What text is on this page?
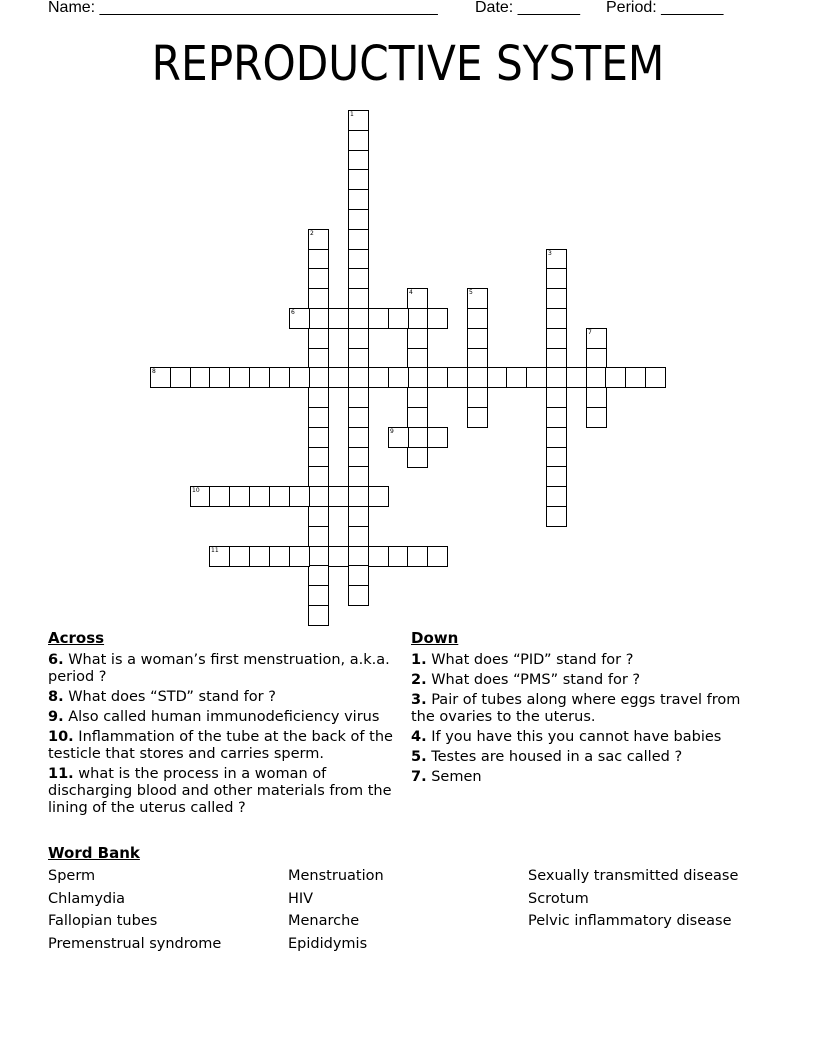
Name: ______________________________________ Date: _______ Period: _______
REPRODUCTIVE SYSTEM
1
2
3
4	5
6
7
8
9
10
11
Across
6. What is a woman’s first menstruation, a.k.a. period ?
8. What does “STD” stand for ?
9. Also called human immunodeficiency virus
10. Inflammation of the tube at the back of the testicle that stores and carries sperm.
11. what is the process in a woman of discharging blood and other materials from the lining of the uterus called ?
Down
1. What does “PID” stand for ?
2. What does “PMS” stand for ?
3. Pair of tubes along where eggs travel from the ovaries to the uterus.
4. If you have this you cannot have babies
5. Testes are housed in a sac called ?
7. Semen
Word Bank
Sperm
Chlamydia
Fallopian tubes
Premenstrual syndrome
Menstruation
HIV
Menarche
Epididymis
Sexually transmitted disease
Scrotum
Pelvic inflammatory disease
